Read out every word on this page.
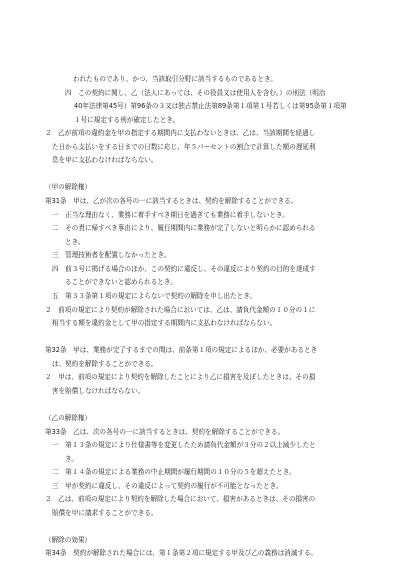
われたものであり、かつ、当該取引分野に該当するものであるとき。
四　この契約に関し、乙（法人にあっては、その役員又は使用人を含む。）の刑法（明治
40年法律第45号）第96条の３又は独占禁止法第89条第１項第１号若しくは第95条第１項第
１号に規定する刑が確定したとき。
２　乙が前項の違約金を甲の指定する期間内に支払わないときは、乙は、当該期間を経過し
た日から支払いをする日までの日数に応じ、年５パーセントの割合で計算した額の遅延利
息を甲に支払わなければならない。
（甲の解除権）
第31条　甲は、乙が次の各号の一に該当するときは、契約を解除することができる。
一　正当な理由なく、業務に着手すべき期日を過ぎても業務に着手しないとき。
二　その責に帰すべき事由により、履行期間内に業務が完了しないと明らかに認められる
とき。
三　管理技術者を配置しなかったとき。
四　前３号に掲げる場合のほか、この契約に違反し、その違反により契約の目的を達成す
ることができないと認められるとき。
五　第３３条第１項の規定によらないで契約の解除を申し出たとき。
２　前項の規定により契約が解除された場合においては、乙は、請負代金額の１０分の１に
相当する額を違約金として甲の指定する期間内に支払わなければならない。
第32条　甲は、業務が完了するまでの間は、前条第１項の規定によるほか、必要があるとき
は、契約を解除することができる。
２　甲は、前項の規定により契約を解除したことにより乙に損害を及ぼしたときは、その損
害を賠償しなければならない。
（乙の解除権）
第33条　乙は、次の各号の一に該当するときは、契約を解除することができる。
一　第１３条の規定により仕様書等を変更したため請負代金額が３分の２以上減少したと
き。
二　第１４条の規定による業務の中止期間が履行期間の１０分の５を超えたとき。
三　甲が契約に違反し、その違反によって契約の履行が不可能となったとき。
２　乙は、前項の規定により契約を解除した場合において、損害があるときは、その損害の
賠償を甲に請求することができる。
（解除の効果）
第34条　契約が解除された場合には、第１条第２項に規定する甲及び乙の義務は消滅する。
